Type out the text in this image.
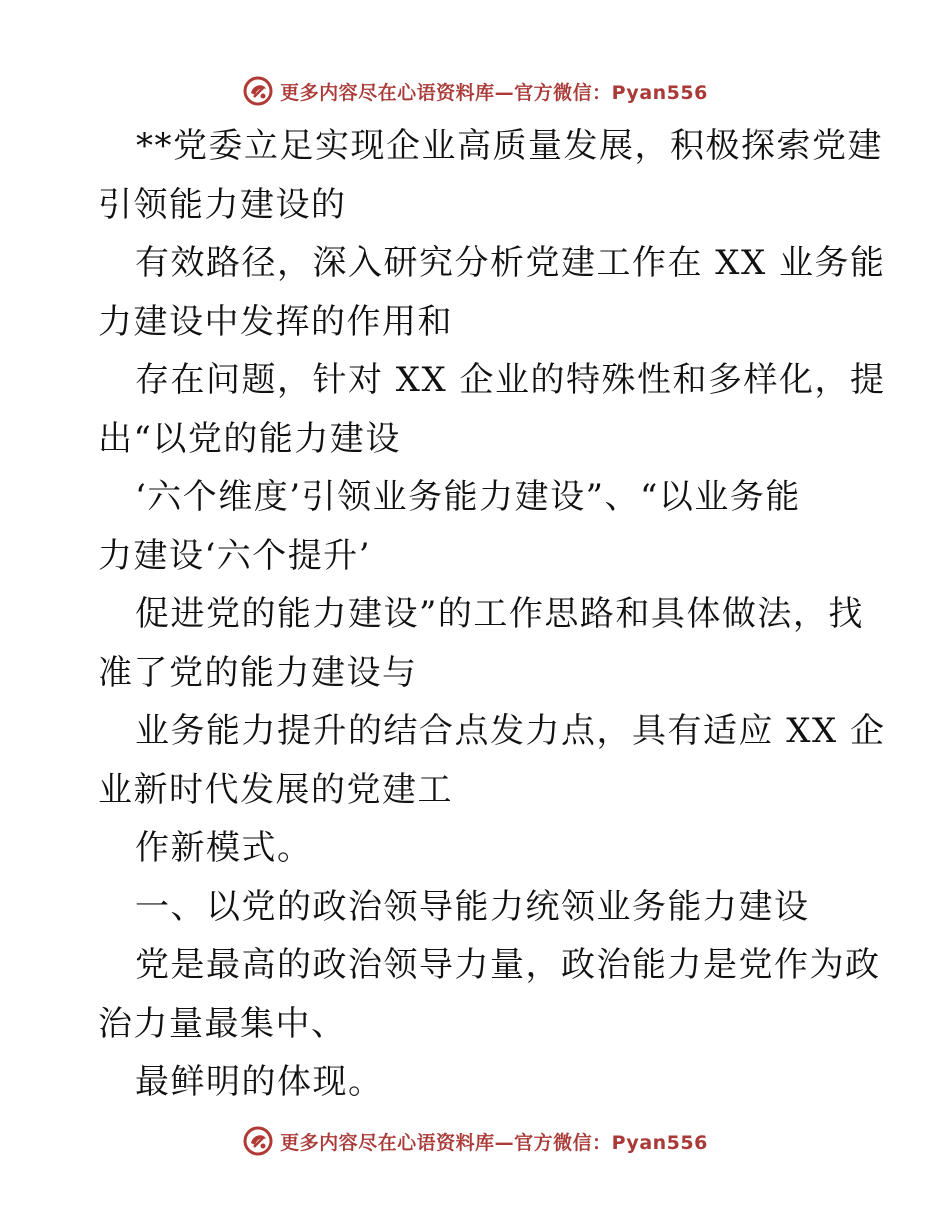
更多内容尽在心语资料库—官方微信：Pyan556
**党委立足实现企业高质量发展，积极探索党建
引领能力建设的
有效路径，深入研究分析党建工作在 XX 业务能
力建设中发挥的作用和
存在问题，针对 XX 企业的特殊性和多样化，提
出“以党的能力建设
‘六个维度’引领业务能力建设”、“以业务能
力建设‘六个提升’
促进党的能力建设”的工作思路和具体做法，找
准了党的能力建设与
业务能力提升的结合点发力点，具有适应 XX 企
业新时代发展的党建工
作新模式。
一、以党的政治领导能力统领业务能力建设
党是最高的政治领导力量，政治能力是党作为政
治力量最集中、
最鲜明的体现。
更多内容尽在心语资料库—官方微信：Pyan556
